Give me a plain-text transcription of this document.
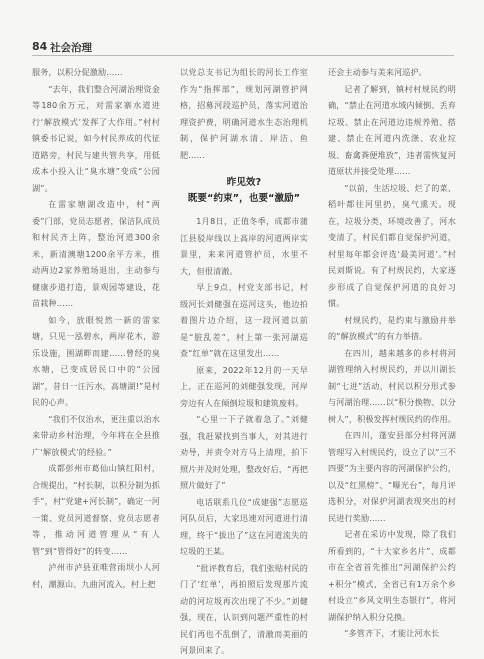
84 社会治理

服务，以积分促激励……

“去年，我们整合河湖治理资金等180余万元，对雷家寨水道进行‘解放模式’发挥了大作用。”村村镇委书记说，如今村民养成的代征道路旁，村民与建共管共享，用低成本小投入让“臭水塘”变成“公园湖”。

在雷家塘湖改造中，村“两委”门部，党员志愿者，保洁队成员和村民齐上阵，整治河道300余米，新清澳塘1200余平方米，推动两边2家养殖场退出，主动参与健康步道打造，景观园等建设，花苗栽种……

如今，放眼悦然一新的雷家塘，只见一泓碧水，两岸花木，游乐设施，围湖畔而建……曾经的臭水塘，已变成居民口中的“公园湖”，昔日一汪污水，高塘湖!”是村民的心声。

“我们不仅治水，更注重以治水来带动乡村治理，今年将在全县推广‘解放模式’的经验。”

成都彭州市葛仙山镇红阳村，合规提出，“村长制，以积分制为抓手”，村“党建+河长制”，确定一河一策、党员河道督察、党员志愿者等，推动河道管理从“有人管”到“管得好”的转变……

泸州市泸县亚唯营雨坝小人河村，潮源山、九曲河流入，村上把

以党总支书记为组长的河长工作室作为“指挥部”，规划河湖管护网格，招募河段巡护员，落实河道治理资护费，明确河道水生态治理机制，保护河湖水清、岸洁、鱼肥……

昨见效?
既要“约束”，也要“激励”

1月8日，正值冬季，成都市蒲江县驳岸线以上高岸的河道两岸实景里，来来河道管护员，水里不大，但很清澈。

早上9点，村党支部书记，村级河长刘健强在巡河这头，他边拍着图片边介绍，这一段河道以前是“脏乱差”，村上第一张河湖巡查“红单”就在这里发出……

原来，2022年12月的一天早上，正在巡河的刘健强发现，河岸旁边有人在倾倒垃圾和建筑废料。

“心里一下子就着急了。”刘健强，我赶紧找到当事人，对其进行劝导，并责令对方马上清理，拍下照片并及时处理，整改好后，“再把照片做好了”

电话联系几位“成建强”志愿巡河队员后，大家迅速对河道进行清理，终于“拔出了”这在河道流失的垃圾的王某。

“批评教育后，我们张贴村民的门了‘红单’，再拍照后发现那片流动的河垃圾再次出现了不少。”刘健强，现在，认识到问题严重性的村民们再也不乱倒了，清澈而美丽的河景回来了。

还会主动参与美来河巡护。

记者了解到，镇村村规民约明确，“禁止在河道水域内倾倒、丢弃垃圾、禁止在河道边违规养殖、搭建、禁止在河道内洗涤、农业垃圾、畜禽粪便堆放”，违者需恢复河道原状并接受处理……

“以前，生活垃圾、烂了的菜、稻叶都往河里扔，臭气熏天。现在，垃圾分类，环境改善了，河水变清了，村民们都自觉保护河道，村里每年都会评选‘最美河道’。”村民刘斯说。有了村规民约，大家逐步形成了自觉保护河道的良好习惯。

村规民约，是约束与激励并举的“解放模式”的有力举措。

在四川，越来越多的乡村将河湖管理纳入村规民约，并以川湖长制“七进”活动，村民以积分形式参与河湖治理……以“积分换物、以分树人”，积极发挥村规民约的作用。

在四川，蓬安县部分村将河湖管理写入村规民约，设立了以“三不四要”为主要内容的河湖保护公约，以及“红黑榜”、“曝光台”，每月评选积分，对保护河湖表现突出的村民进行奖励……

记者在采访中发现，除了我们所看到的，“十大家乡名片”、成都市在全省首先推出“河湖保护公约+积分”模式，全省已有1万余个乡村设立“乡风文明生态银行”，将河湖保护纳入积分兑换。

“多管齐下，才能让河水长
